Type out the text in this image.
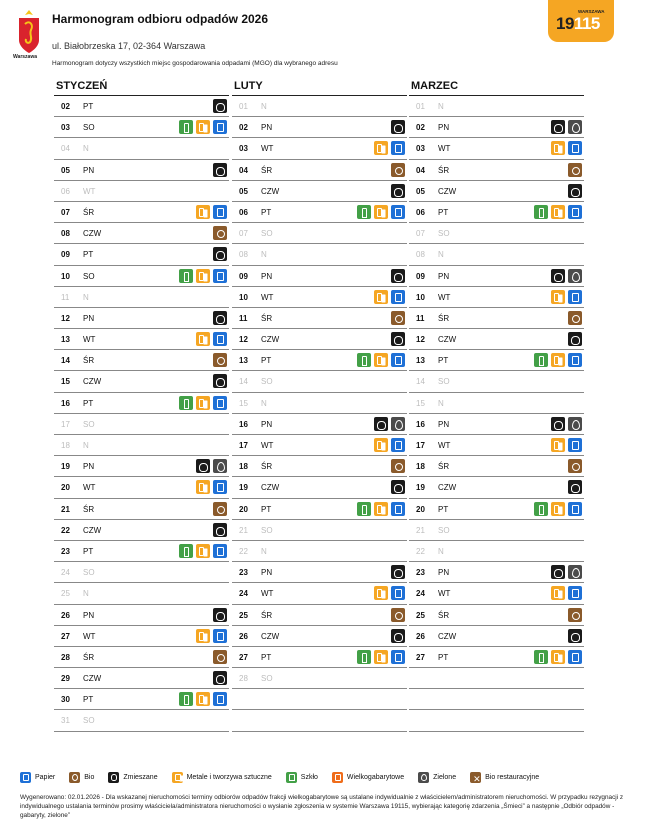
Warszawa
Harmonogram odbioru odpadów 2026
ul. Białobrzeska 17, 02-364 Warszawa
Harmonogram dotyczy wszystkich miejsc gospodarowania odpadami (MGO) dla wybranego adresu
WARSZAWA
19115
STYCZEŃ
02 PT
03 SO
04 N
05 PN
06 WT
07 ŚR
08 CZW
09 PT
10 SO
11 N
12 PN
13 WT
14 ŚR
15 CZW
16 PT
17 SO
18 N
19 PN
20 WT
21 ŚR
22 CZW
23 PT
24 SO
25 N
26 PN
27 WT
28 ŚR
29 CZW
30 PT
31 SO
LUTY
01 N
02 PN
03 WT
04 ŚR
05 CZW
06 PT
07 SO
08 N
09 PN
10 WT
11 ŚR
12 CZW
13 PT
14 SO
15 N
16 PN
17 WT
18 ŚR
19 CZW
20 PT
21 SO
22 N
23 PN
24 WT
25 ŚR
26 CZW
27 PT
28 SO
MARZEC
01 N
02 PN
03 WT
04 ŚR
05 CZW
06 PT
07 SO
08 N
09 PN
10 WT
11 ŚR
12 CZW
13 PT
14 SO
15 N
16 PN
17 WT
18 ŚR
19 CZW
20 PT
21 SO
22 N
23 PN
24 WT
25 ŚR
26 CZW
27 PT
Papier	Bio	Zmieszane	Metale i tworzywa sztuczne	Szkło	Wielkogabarytowe	Zielone
✕	Bio restauracyjne
Wygenerowano: 02.01.2026 - Dla wskazanej nieruchomości terminy odbiorów odpadów frakcji wielkogabarytowe są ustalane indywidualnie z właścicielem/administratorem nieruchomości. W przypadku rezygnacji z indywidualnego ustalania terminów prosimy właściciela/administratora nieruchomości o wysłanie zgłoszenia w systemie Warszawa 19115, wybierając kategorię zdarzenia „Śmieci” a następnie „Odbiór odpadów - gabaryty, zielone”
